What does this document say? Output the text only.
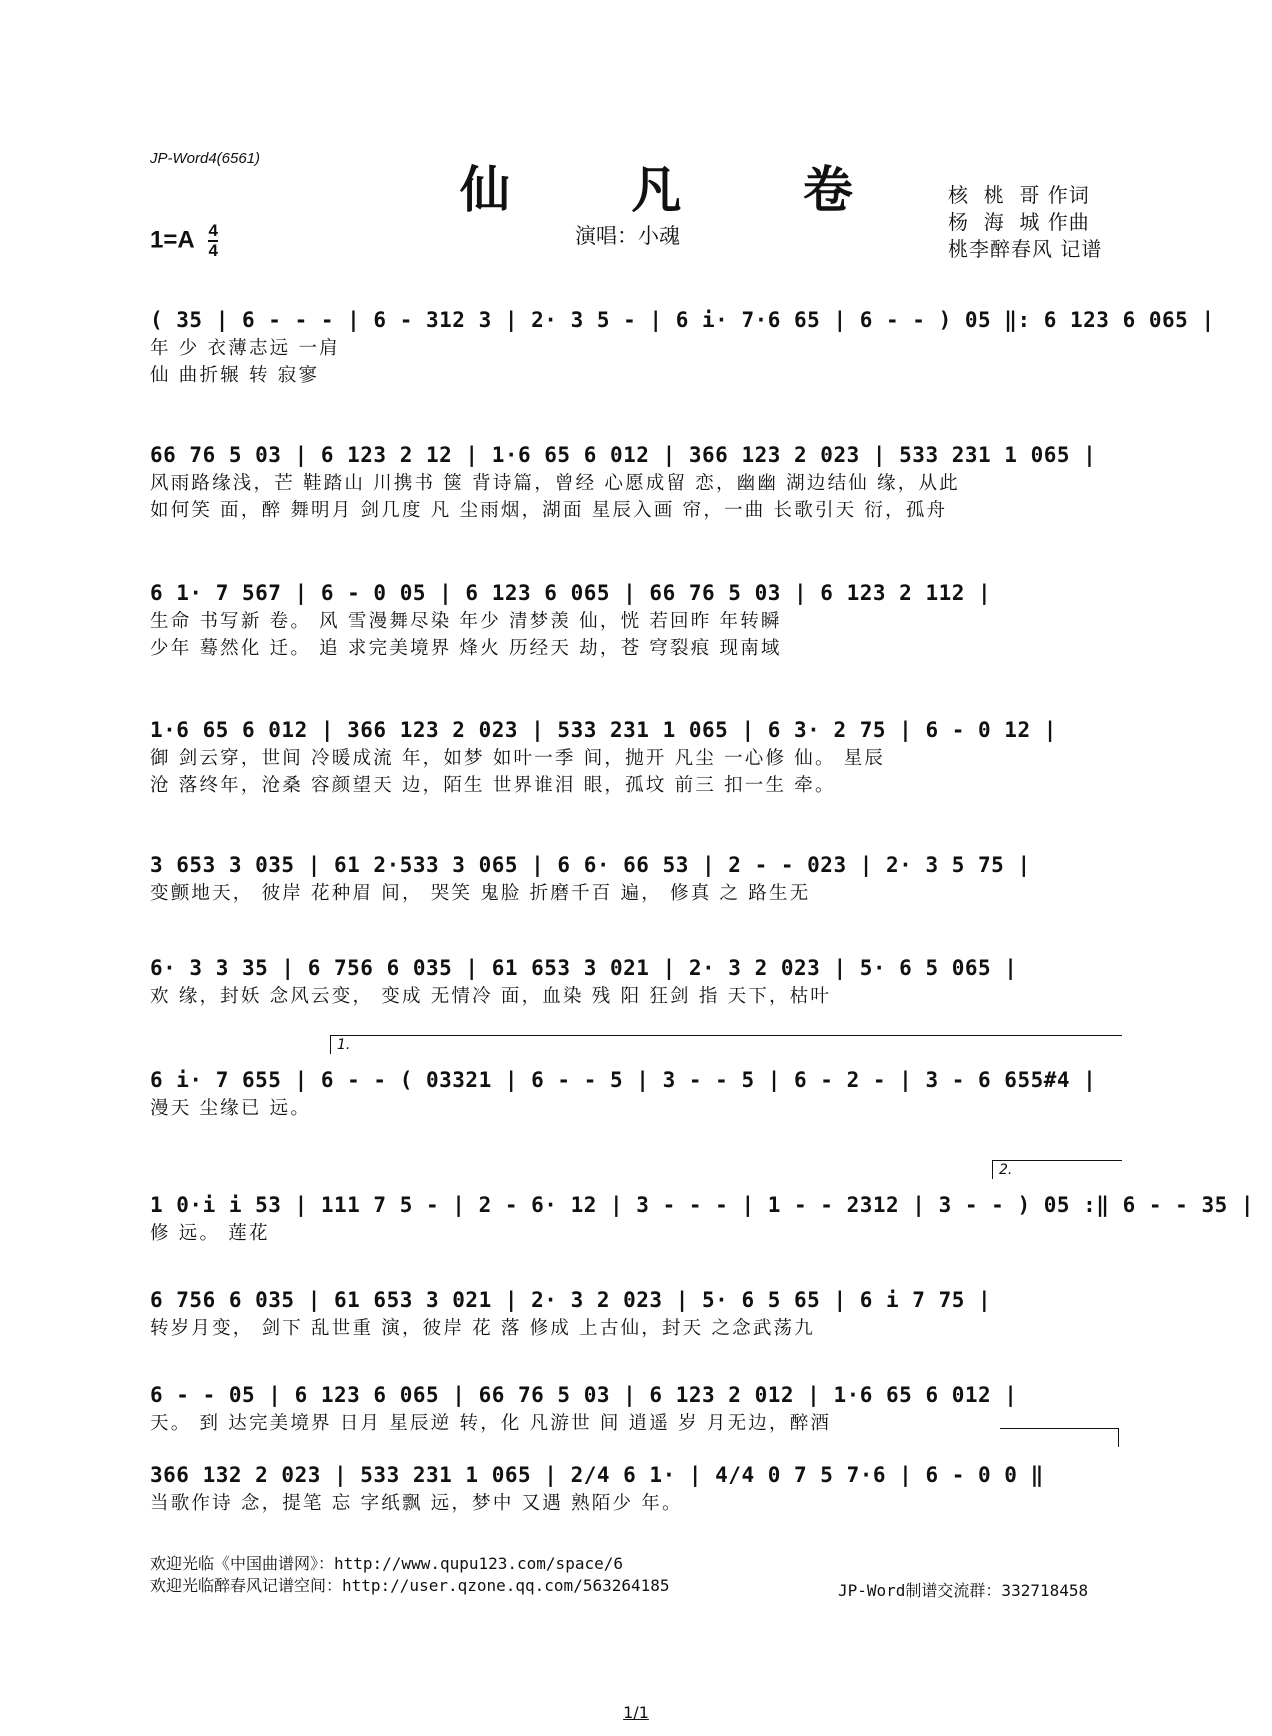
JP-Word4(6561)
仙 凡 卷
$1=A \frac{4}{4}$	演唱：小魂
核  桃  哥 作词
杨  海  城 作曲
桃李醉春风 记谱
( 35 | 6 - - - | 6 - 312 3 | 2· 3 5 - | 6 i· 7·6 65 | 6 - - ) 05 ‖: 6 123 6 065 |
年 少 衣薄志远 一肩
仙 曲折辗 转 寂寥
66 76 5 03 | 6 123 2 12 | 1·6 65 6 012 | 366 123 2 023 | 533 231 1 065 |
风雨路缘浅，芒 鞋踏山 川携书 箧 背诗篇，曾经 心愿成留 恋，幽幽 湖边结仙 缘，从此
如何笑 面，醉 舞明月 剑几度 凡 尘雨烟，湖面 星辰入画 帘，一曲 长歌引天 衍，孤舟
6 1· 7 567 | 6 - 0 05 | 6 123 6 065 | 66 76 5 03 | 6 123 2 112 |
生命 书写新 卷。 风 雪漫舞尽染 年少 清梦羡 仙，恍 若回昨 年转瞬
少年 蓦然化 迁。 追 求完美境界 烽火 历经天 劫，苍 穹裂痕 现南域
1·6 65 6 012 | 366 123 2 023 | 533 231 1 065 | 6 3· 2 75 | 6 - 0 12 |
御 剑云穿，世间 冷暖成流 年，如梦 如叶一季 间，抛开 凡尘 一心修 仙。 星辰
沧 落终年，沧桑 容颜望天 边，陌生 世界谁泪 眼，孤坟 前三 扣一生 牵。
3 653 3 035 | 61 2·533 3 065 | 6 6· 66 53 | 2 - - 023 | 2· 3 5 75 |
变颤地天， 彼岸 花种眉 间， 哭笑 鬼脸 折磨千百 遍， 修真 之 路生无
6· 3 3 35 | 6 756 6 035 | 61 653 3 021 | 2· 3 2 023 | 5· 6 5 065 |
欢 缘，封妖 念风云变， 变成 无情冷 面，血染 残 阳 狂剑 指 天下，枯叶
1.
6 i· 7 655 | 6 - - ( 03321 | 6 - - 5 | 3 - - 5 | 6 - 2 - | 3 - 6 655#4 |
漫天 尘缘已 远。
2.
1 0·i i 53 | 111 7 5 - | 2 - 6· 12 | 3 - - - | 1 - - 2312 | 3 - - ) 05 :‖ 6 - - 35 |
修 远。 莲花
6 756 6 035 | 61 653 3 021 | 2· 3 2 023 | 5· 6 5 65 | 6 i 7 75 |
转岁月变， 剑下 乱世重 演，彼岸 花 落 修成 上古仙，封天 之念武荡九
6 - - 05 | 6 123 6 065 | 66 76 5 03 | 6 123 2 012 | 1·6 65 6 012 |
天。 到 达完美境界 日月 星辰逆 转，化 凡游世 间 逍遥 岁 月无边，醉酒
366 132 2 023 | 533 231 1 065 | 2/4 6 1· | 4/4 0 7 5 7·6 | 6 - 0 0 ‖
当歌作诗 念，提笔 忘 字纸飘 远，梦中 又遇 熟陌少 年。
欢迎光临《中国曲谱网》：http://www.qupu123.com/space/6
欢迎光临醉春风记谱空间：http://user.qzone.qq.com/563264185	JP-Word制谱交流群：332718458
1/1
